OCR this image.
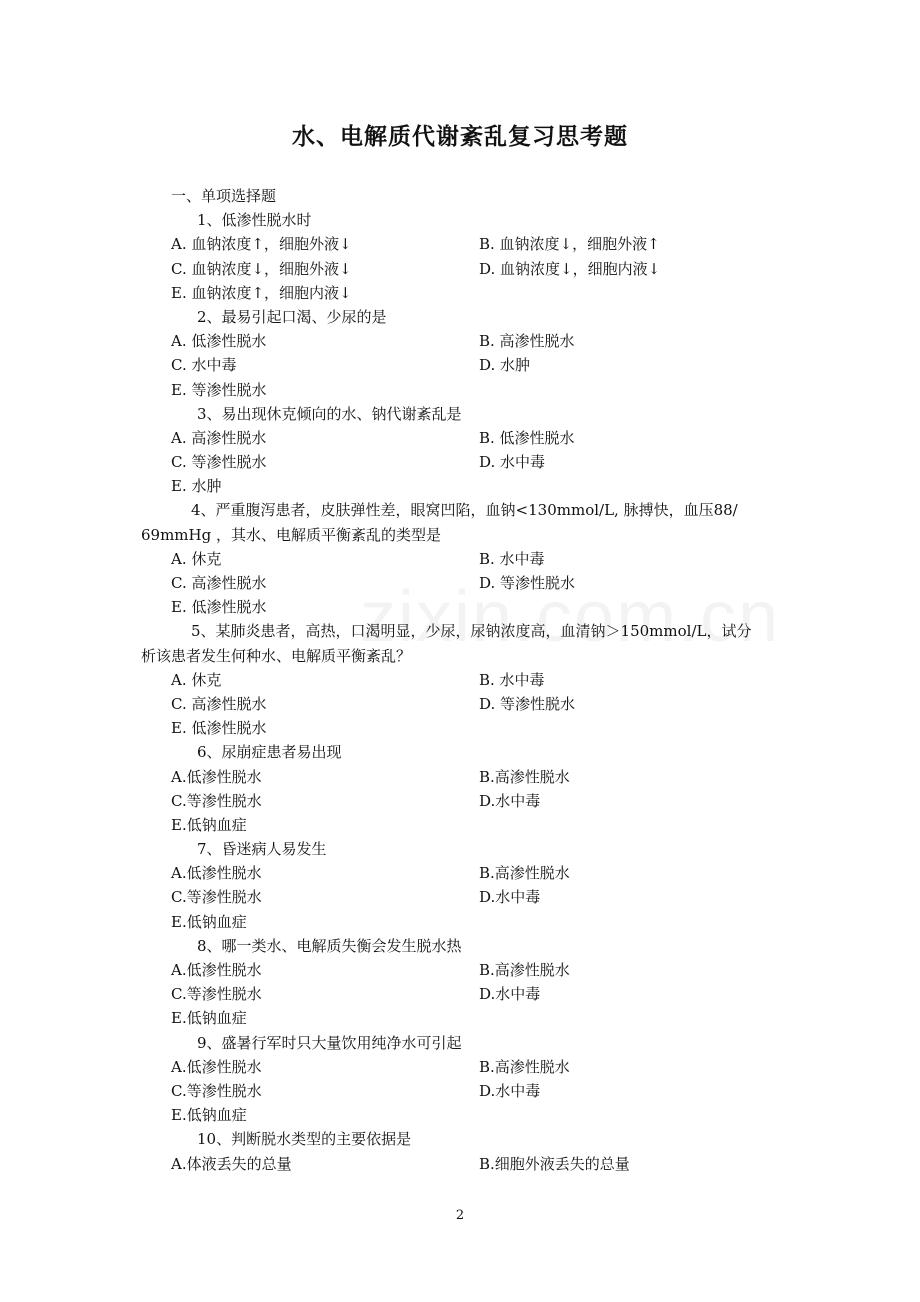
水、电解质代谢紊乱复习思考题
一、单项选择题
1、低渗性脱水时
A. 血钠浓度↑，细胞外液↓	B. 血钠浓度↓，细胞外液↑
C. 血钠浓度↓，细胞外液↓	D. 血钠浓度↓，细胞内液↓
E. 血钠浓度↑，细胞内液↓
2、最易引起口渴、少尿的是
A. 低渗性脱水	B. 高渗性脱水
C. 水中毒	D. 水肿
E. 等渗性脱水
3、易出现休克倾向的水、钠代谢紊乱是
A. 高渗性脱水	B. 低渗性脱水
C. 等渗性脱水	D. 水中毒
E. 水肿
4、严重腹泻患者，皮肤弹性差，眼窝凹陷，血钠<130mmol/L, 脉搏快，血压88/
69mmHg ，其水、电解质平衡紊乱的类型是
A. 休克	B. 水中毒
C. 高渗性脱水	D. 等渗性脱水
E. 低渗性脱水
5、某肺炎患者，高热，口渴明显，少尿，尿钠浓度高，血清钠＞150mmol/L，试分
析该患者发生何种水、电解质平衡紊乱？
A. 休克	B. 水中毒
C. 高渗性脱水	D. 等渗性脱水
E. 低渗性脱水
6、尿崩症患者易出现
A.低渗性脱水	B.高渗性脱水
C.等渗性脱水	D.水中毒
E.低钠血症
7、昏迷病人易发生
A.低渗性脱水	B.高渗性脱水
C.等渗性脱水	D.水中毒
E.低钠血症
8、哪一类水、电解质失衡会发生脱水热
A.低渗性脱水	B.高渗性脱水
C.等渗性脱水	D.水中毒
E.低钠血症
9、盛暑行军时只大量饮用纯净水可引起
A.低渗性脱水	B.高渗性脱水
C.等渗性脱水	D.水中毒
E.低钠血症
10、判断脱水类型的主要依据是
A.体液丢失的总量	B.细胞外液丢失的总量
2
